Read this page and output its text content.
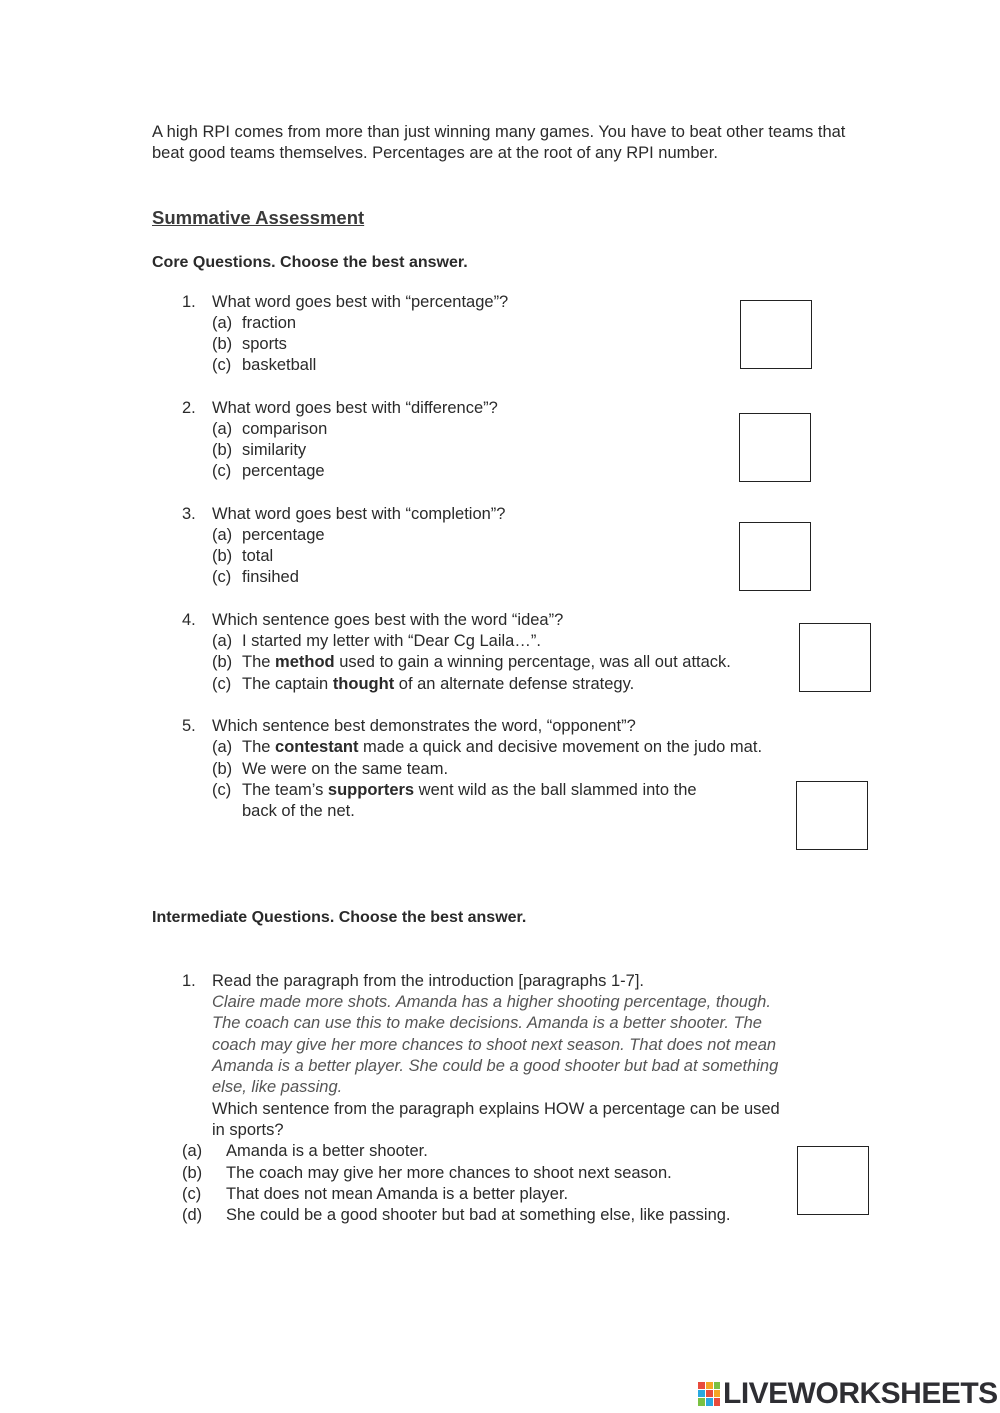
A high RPI comes from more than just winning many games. You have to beat other teams that beat good teams themselves. Percentages are at the root of any RPI number.
Summative Assessment
Core Questions. Choose the best answer.
1. What word goes best with “percentage”?
(a) fraction
(b) sports
(c) basketball
2. What word goes best with “difference”?
(a) comparison
(b) similarity
(c) percentage
3. What word goes best with “completion”?
(a) percentage
(b) total
(c) finsihed
4. Which sentence goes best with the word “idea”?
(a) I started my letter with “Dear Cg Laila…”.
(b) The method used to gain a winning percentage, was all out attack.
(c) The captain thought of an alternate defense strategy.
5. Which sentence best demonstrates the word, “opponent”?
(a) The contestant made a quick and decisive movement on the judo mat.
(b) We were on the same team.
(c) The team’s supporters went wild as the ball slammed into the
back of the net.
Intermediate Questions. Choose the best answer.
1. Read the paragraph from the introduction [paragraphs 1-7].
Claire made more shots. Amanda has a higher shooting percentage, though.
The coach can use this to make decisions. Amanda is a better shooter. The
coach may give her more chances to shoot next season. That does not mean
Amanda is a better player. She could be a good shooter but bad at something
else, like passing.
Which sentence from the paragraph explains HOW a percentage can be used
in sports?
(a) Amanda is a better shooter.
(b) The coach may give her more chances to shoot next season.
(c) That does not mean Amanda is a better player.
(d) She could be a good shooter but bad at something else, like passing.
LIVEWORKSHEETS
